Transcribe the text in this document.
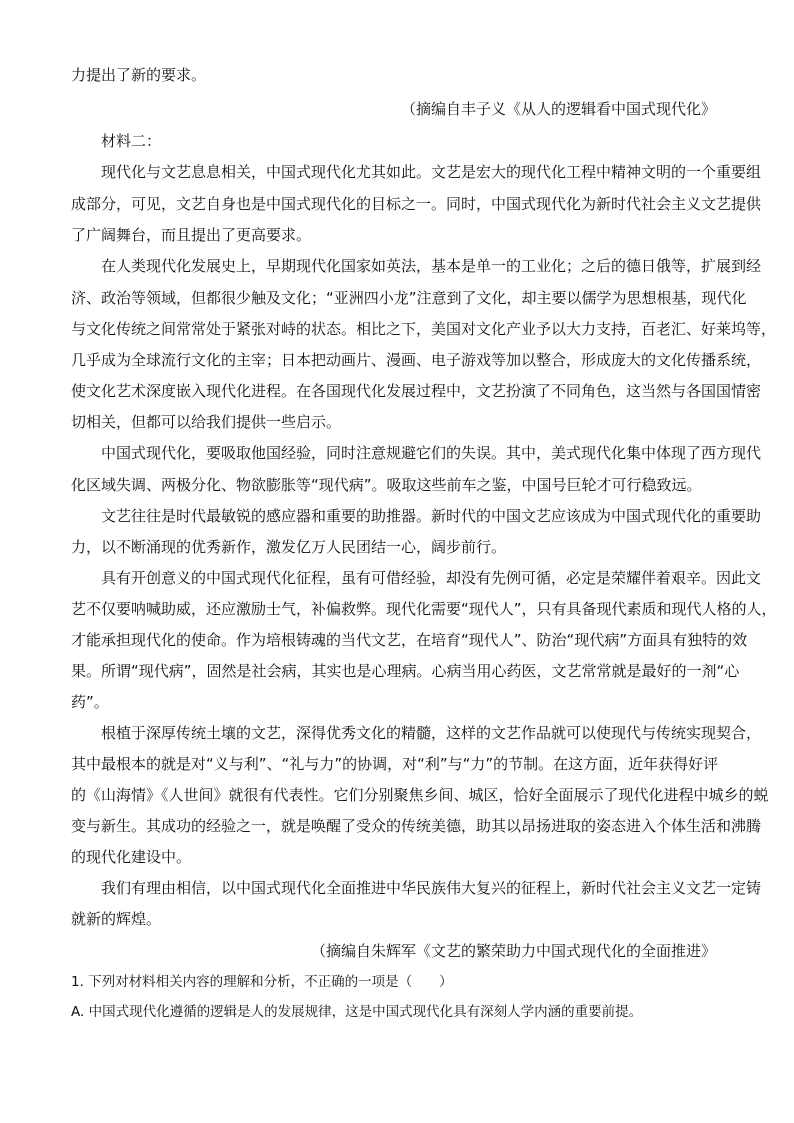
力提出了新的要求。
（摘编自丰子义《从人的逻辑看中国式现代化》
材料二：
现代化与文艺息息相关，中国式现代化尤其如此。文艺是宏大的现代化工程中精神文明的一个重要组
成部分，可见，文艺自身也是中国式现代化的目标之一。同时，中国式现代化为新时代社会主义文艺提供
了广阔舞台，而且提出了更高要求。
在人类现代化发展史上，早期现代化国家如英法，基本是单一的工业化；之后的德日俄等，扩展到经
济、政治等领域，但都很少触及文化；“亚洲四小龙”注意到了文化，却主要以儒学为思想根基，现代化
与文化传统之间常常处于紧张对峙的状态。相比之下，美国对文化产业予以大力支持，百老汇、好莱坞等，
几乎成为全球流行文化的主宰；日本把动画片、漫画、电子游戏等加以整合，形成庞大的文化传播系统，
使文化艺术深度嵌入现代化进程。在各国现代化发展过程中，文艺扮演了不同角色，这当然与各国国情密
切相关，但都可以给我们提供一些启示。
中国式现代化，要吸取他国经验，同时注意规避它们的失误。其中，美式现代化集中体现了西方现代
化区域失调、两极分化、物欲膨胀等“现代病”。吸取这些前车之鉴，中国号巨轮才可行稳致远。
文艺往往是时代最敏锐的感应器和重要的助推器。新时代的中国文艺应该成为中国式现代化的重要助
力，以不断涌现的优秀新作，激发亿万人民团结一心，阔步前行。
具有开创意义的中国式现代化征程，虽有可借经验，却没有先例可循，必定是荣耀伴着艰辛。因此文
艺不仅要呐喊助威，还应激励士气，补偏救弊。现代化需要“现代人”，只有具备现代素质和现代人格的人，
才能承担现代化的使命。作为培根铸魂的当代文艺，在培育“现代人”、防治“现代病”方面具有独特的效
果。所谓“现代病”，固然是社会病，其实也是心理病。心病当用心药医，文艺常常就是最好的一剂“心
药”。
根植于深厚传统土壤的文艺，深得优秀文化的精髓，这样的文艺作品就可以使现代与传统实现契合，
其中最根本的就是对“义与利”、“礼与力”的协调，对“利”与“力”的节制。在这方面，近年获得好评
的《山海情》《人世间》就很有代表性。它们分别聚焦乡间、城区，恰好全面展示了现代化进程中城乡的蜕
变与新生。其成功的经验之一，就是唤醒了受众的传统美德，助其以昂扬进取的姿态进入个体生活和沸腾
的现代化建设中。
我们有理由相信，以中国式现代化全面推进中华民族伟大复兴的征程上，新时代社会主义文艺一定铸
就新的辉煌。
（摘编自朱辉军《文艺的繁荣助力中国式现代化的全面推进》
1. 下列对材料相关内容的理解和分析，不正确的一项是（　　）
A. 中国式现代化遵循的逻辑是人的发展规律，这是中国式现代化具有深刻人学内涵的重要前提。
